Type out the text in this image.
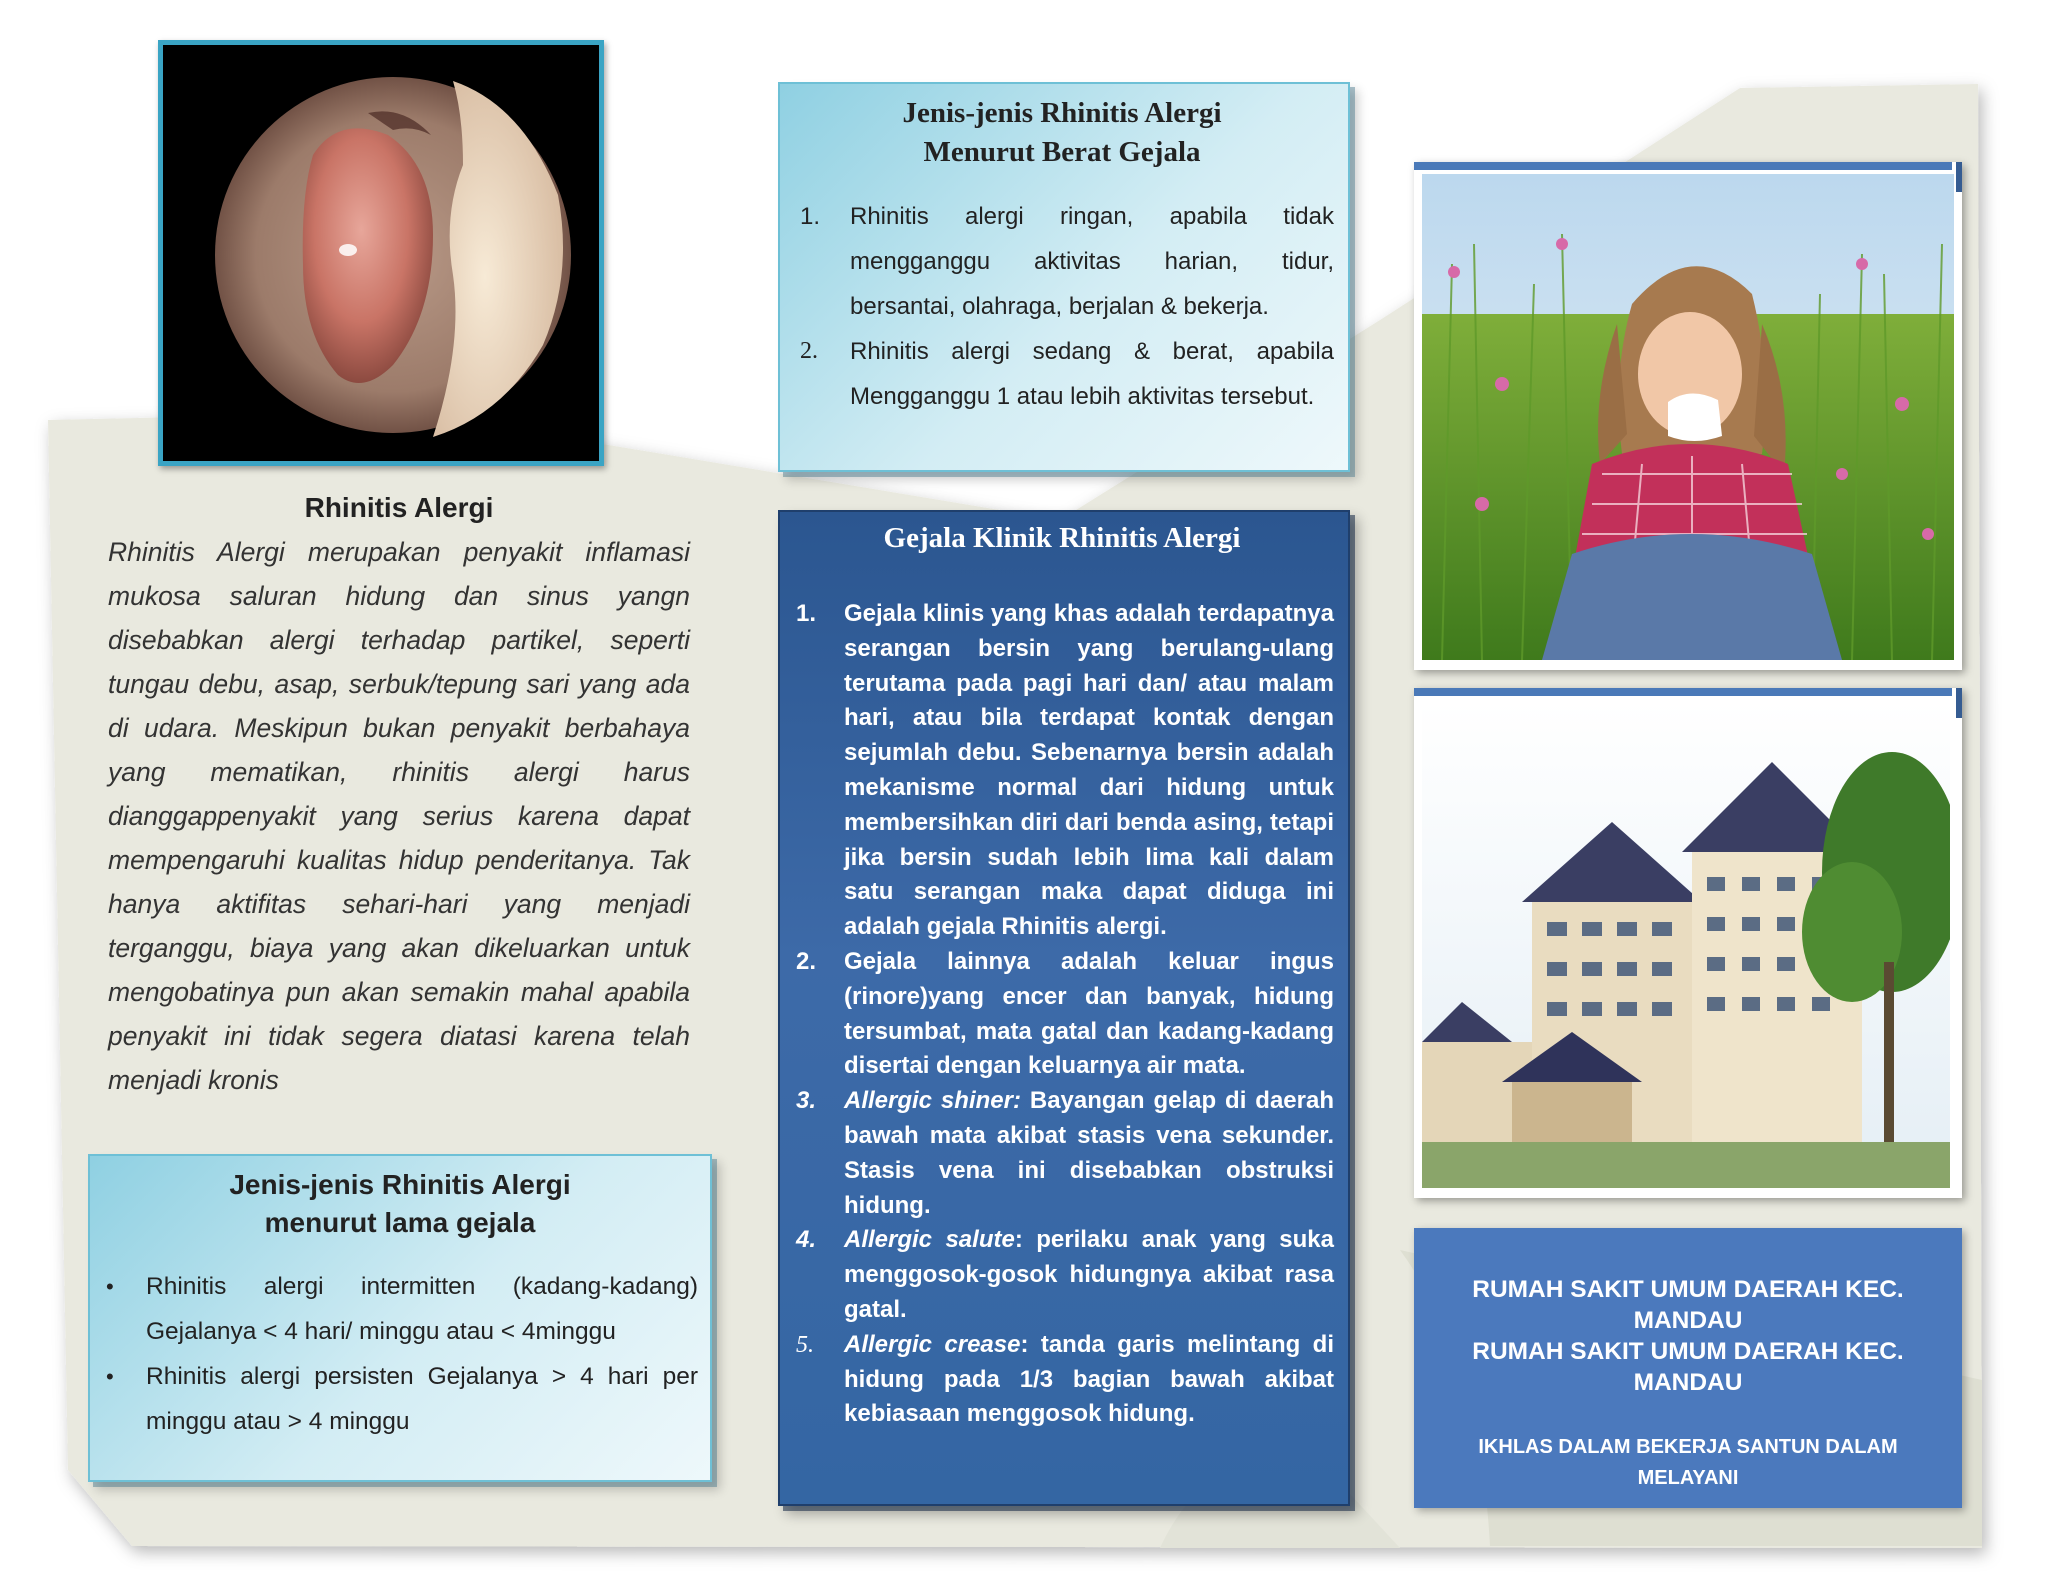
Rhinitis Alergi

Rhinitis Alergi merupakan penyakit inflamasi mukosa saluran hidung dan sinus yangn disebabkan alergi terhadap partikel, seperti tungau debu, asap, serbuk/tepung sari yang ada di udara. Meskipun bukan penyakit berbahaya yang mematikan, rhinitis alergi harus dianggappenyakit yang serius karena dapat mempengaruhi kualitas hidup penderitanya. Tak hanya aktifitas sehari-hari yang menjadi terganggu, biaya yang akan dikeluarkan untuk mengobatinya pun akan semakin mahal apabila penyakit ini tidak segera diatasi karena telah menjadi kronis

Jenis-jenis Rhinitis Alergi
Menurut Berat Gejala
1. Rhinitis alergi ringan, apabila tidak mengganggu aktivitas harian, tidur, bersantai, olahraga, berjalan & bekerja.
2. Rhinitis alergi sedang & berat, apabila Mengganggu 1 atau lebih aktivitas tersebut.
Jenis-jenis Rhinitis Alergi
menurut lama gejala
• Rhinitis alergi intermitten (kadang-kadang) Gejalanya < 4 hari/ minggu atau < 4minggu
• Rhinitis alergi persisten Gejalanya > 4 hari per minggu atau > 4 minggu
Gejala Klinik Rhinitis Alergi
1. Gejala klinis yang khas adalah terdapatnya serangan bersin yang berulang-ulang terutama pada pagi hari dan/ atau malam hari, atau bila terdapat kontak dengan sejumlah debu. Sebenarnya bersin adalah mekanisme normal dari hidung untuk membersihkan diri dari benda asing, tetapi jika bersin sudah lebih lima kali dalam satu serangan maka dapat diduga ini adalah gejala Rhinitis alergi.
2. Gejala lainnya adalah keluar ingus (rinore)yang encer dan banyak, hidung tersumbat, mata gatal dan kadang-kadang disertai dengan keluarnya air mata.
3. Allergic shiner: Bayangan gelap di daerah bawah mata akibat stasis vena sekunder. Stasis vena ini disebabkan obstruksi hidung.
4. Allergic salute: perilaku anak yang suka menggosok-gosok hidungnya akibat rasa gatal.
5. Allergic crease: tanda garis melintang di hidung pada 1/3 bagian bawah akibat kebiasaan menggosok hidung.
RUMAH SAKIT UMUM DAERAH KEC. MANDAU
RUMAH SAKIT UMUM DAERAH KEC. MANDAU
IKHLAS DALAM BEKERJA SANTUN DALAM MELAYANI
